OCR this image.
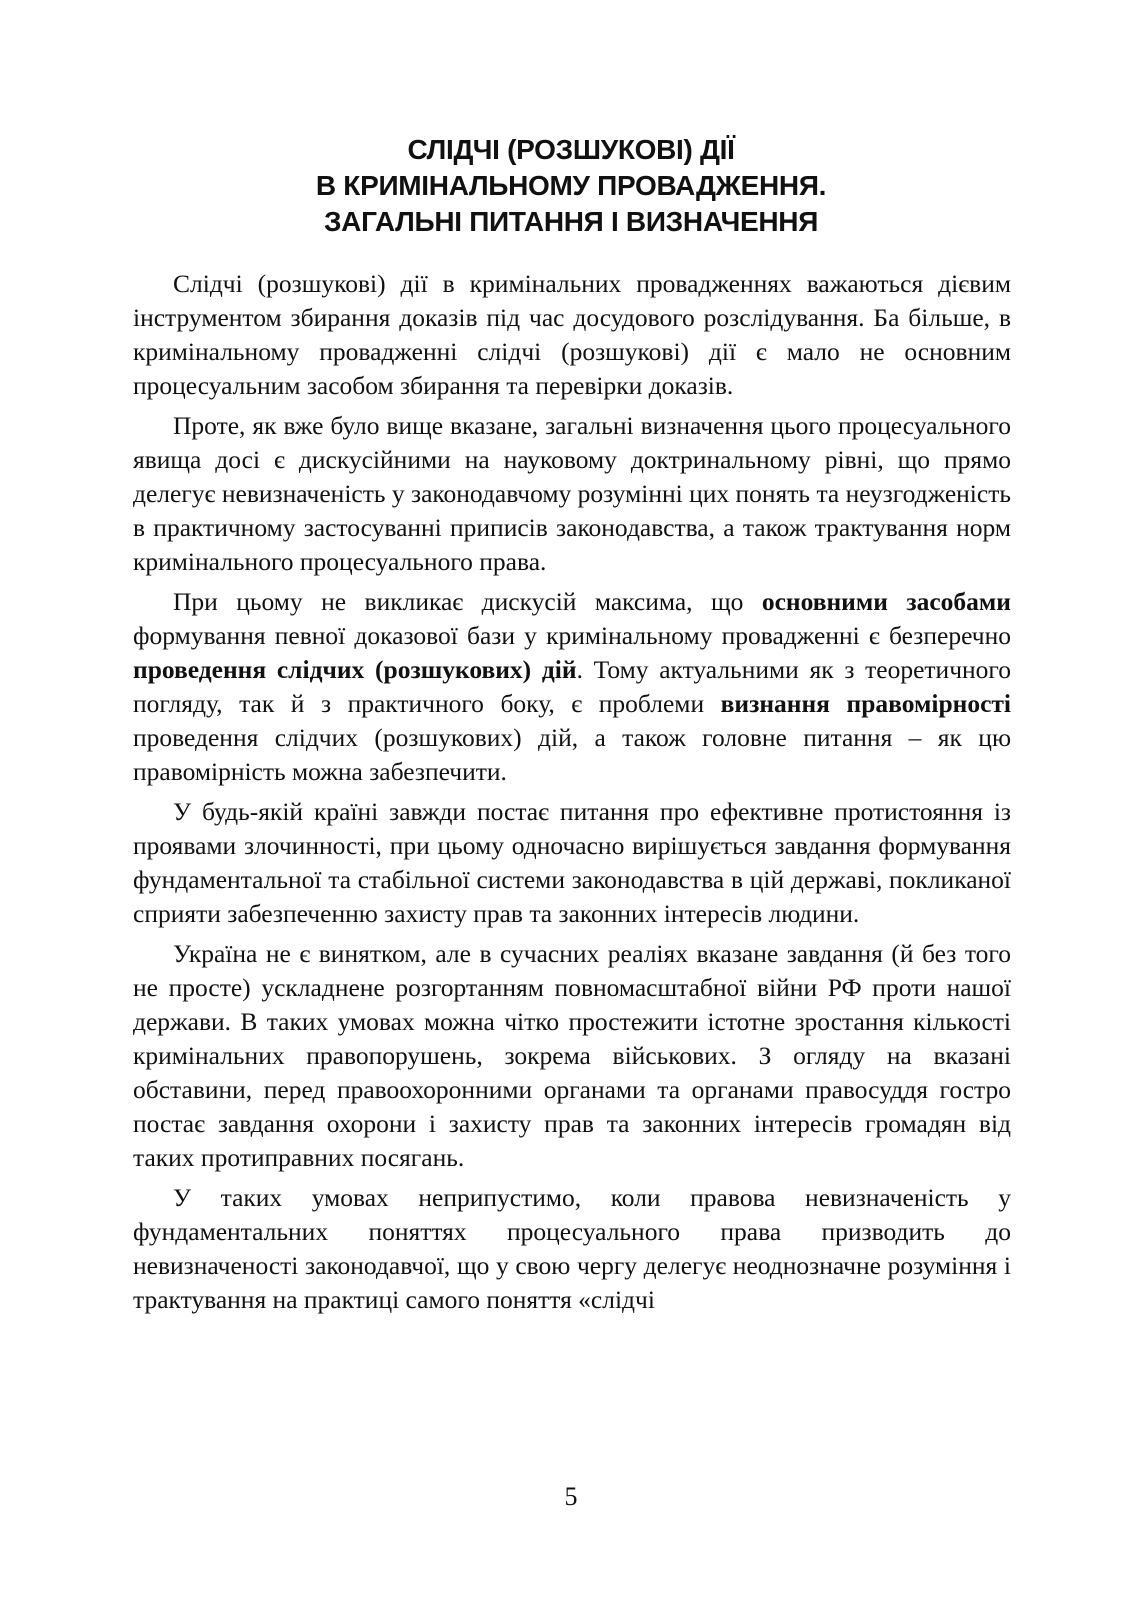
СЛІДЧІ (РОЗШУКОВІ) ДІЇ
В КРИМІНАЛЬНОМУ ПРОВАДЖЕННЯ.
ЗАГАЛЬНІ ПИТАННЯ І ВИЗНАЧЕННЯ

Слідчі (розшукові) дії в кримінальних провадженнях важаються дієвим інструментом збирання доказів під час досудового розслідування. Ба більше, в кримінальному провадженні слідчі (розшукові) дії є мало не основним процесуальним засобом збирання та перевірки доказів.

Проте, як вже було вище вказане, загальні визначення цього процесуального явища досі є дискусійними на науковому доктринальному рівні, що прямо делегує невизначеність у законодавчому розумінні цих понять та неузгодженість в практичному застосуванні приписів законодавства, а також трактування норм кримінального процесуального права.

При цьому не викликає дискусій максима, що основними засобами формування певної доказової бази у кримінальному провадженні є безперечно проведення слідчих (розшукових) дій. Тому актуальними як з теоретичного погляду, так й з практичного боку, є проблеми визнання правомірності проведення слідчих (розшукових) дій, а також головне питання – як цю правомірність можна забезпечити.

У будь-якій країні завжди постає питання про ефективне протистояння із проявами злочинності, при цьому одночасно вирішується завдання формування фундаментальної та стабільної системи законодавства в цій державі, покликаної сприяти забезпеченню захисту прав та законних інтересів людини.

Україна не є винятком, але в сучасних реаліях вказане завдання (й без того не просте) ускладнене розгортанням повномасштабної війни РФ проти нашої держави. В таких умовах можна чітко простежити істотне зростання кількості кримінальних правопорушень, зокрема військових. З огляду на вказані обставини, перед правоохоронними органами та органами правосуддя гостро постає завдання охорони і захисту прав та законних інтересів громадян від таких протиправних посягань.

У таких умовах неприпустимо, коли правова невизначеність у фундаментальних поняттях процесуального права призводить до невизначеності законодавчої, що у свою чергу делегує неоднозначне розуміння і трактування на практиці самого поняття «слідчі

5
